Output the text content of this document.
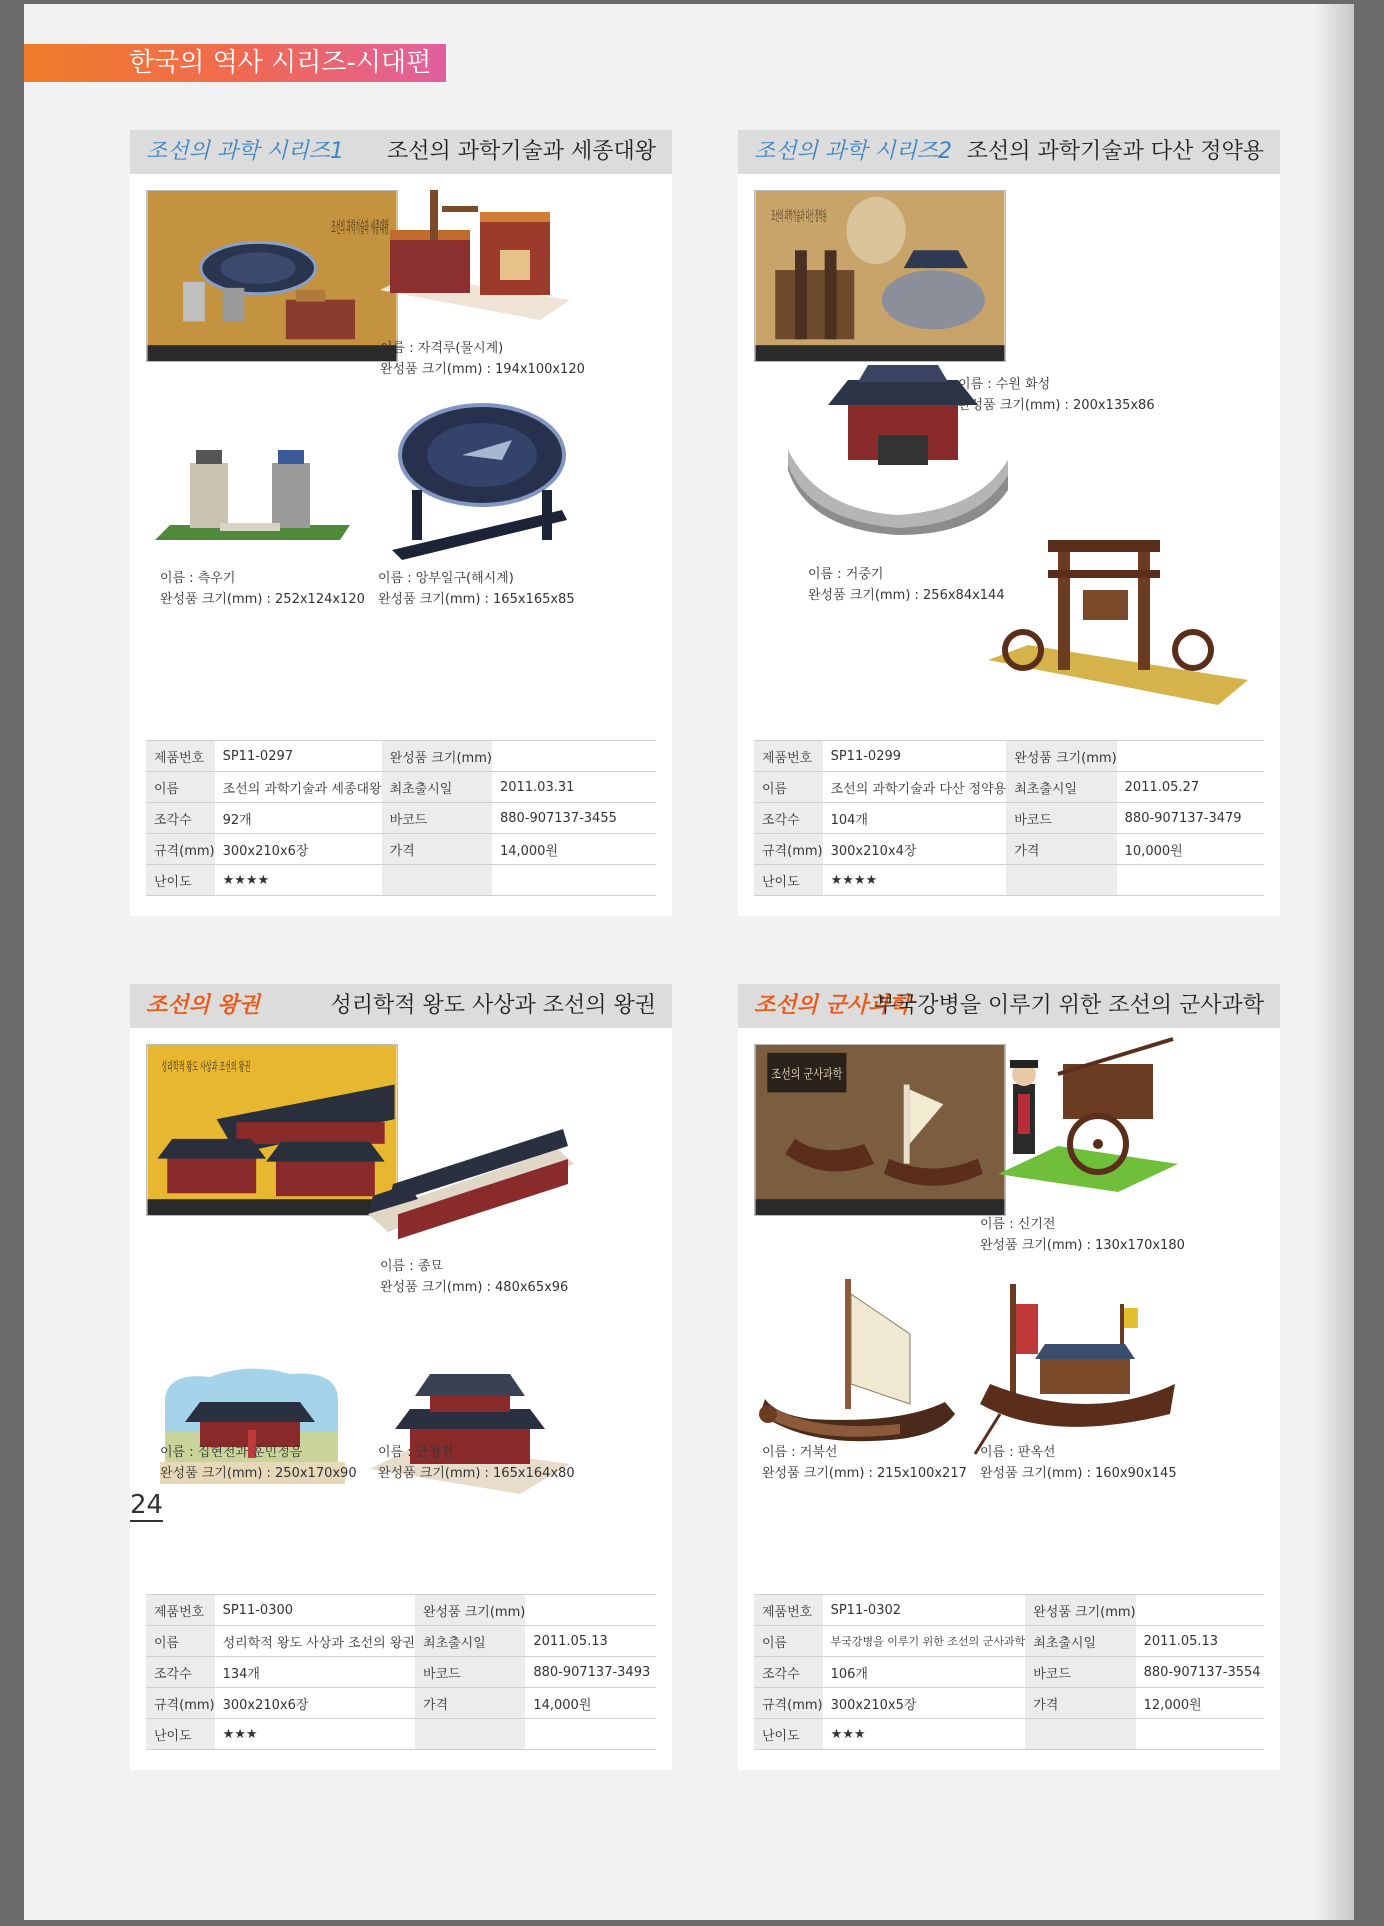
한국의 역사 시리즈-시대편
조선의 과학 시리즈1 조선의 과학기술과 세종대왕
조선의 과학기술과 세종대왕
이름 : 자격루(물시계)
완성품 크기(mm) : 194x100x120
이름 : 측우기
완성품 크기(mm) : 252x124x120
이름 : 앙부일구(해시계)
완성품 크기(mm) : 165x165x85
제품번호	SP11-0297	완성품 크기(mm)	
이름	조선의 과학기술과 세종대왕	최초출시일	2011.03.31
조각수	92개	바코드	880-907137-3455
규격(mm)	300x210x6장	가격	14,000원
난이도	★★★★		
조선의 과학 시리즈2 조선의 과학기술과 다산 정약용
이름 : 수원 화성
완성품 크기(mm) : 200x135x86
이름 : 거중기
완성품 크기(mm) : 256x84x144
제품번호	SP11-0299	완성품 크기(mm)	
이름	조선의 과학기술과 다산 정약용	최초출시일	2011.05.27
조각수	104개	바코드	880-907137-3479
규격(mm)	300x210x4장	가격	10,000원
난이도	★★★★		
조선의 왕권	성리학적 왕도 사상과 조선의 왕권
성리학적 왕도 사상과 조선의 왕권
이름 : 종묘
완성품 크기(mm) : 480x65x96
이름 : 집현전과 훈민정음
완성품 크기(mm) : 250x170x90
이름 : 근정전
완성품 크기(mm) : 165x164x80
제품번호	SP11-0300	완성품 크기(mm)	
이름	성리학적 왕도 사상과 조선의 왕권	최초출시일	2011.05.13
조각수	134개	바코드	880-907137-3493
규격(mm)	300x210x6장	가격	14,000원
난이도	★★★		
조선의 군사과학
부국강병을 이루기 위한 조선의 군사과학
조선의 군사과학
이름 : 신기전
완성품 크기(mm) : 130x170x180
이름 : 거북선
완성품 크기(mm) : 215x100x217
이름 : 판옥선
완성품 크기(mm) : 160x90x145
제품번호	SP11-0302	완성품 크기(mm)	
이름	부국강병을 이루기 위한 조선의 군사과학	최초출시일	2011.05.13
조각수	106개	바코드	880-907137-3554
규격(mm)	300x210x5장	가격	12,000원
난이도	★★★		
24
